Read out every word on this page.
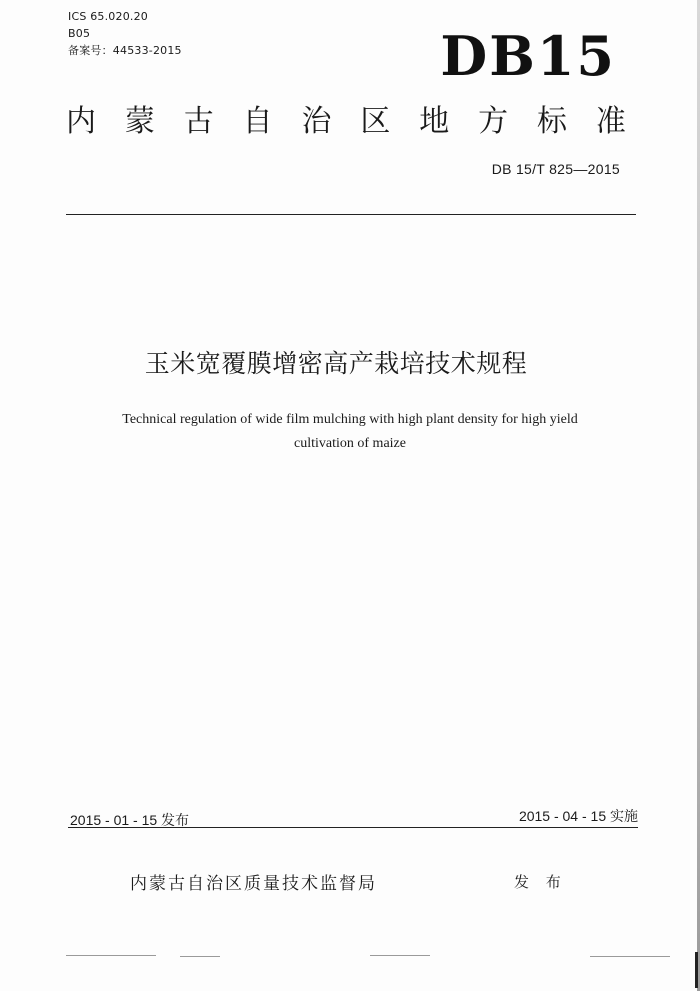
ICS 65.020.20
B05
备案号：44533-2015	DB15
内 蒙 古 自 治 区 地 方 标 准
DB 15/T 825—2015
玉米宽覆膜增密高产栽培技术规程
Technical regulation of wide film mulching with high plant density for high yield
cultivation of maize
2015 - 01 - 15 发布	2015 - 04 - 15 实施
内蒙古自治区质量技术监督局	发 布
